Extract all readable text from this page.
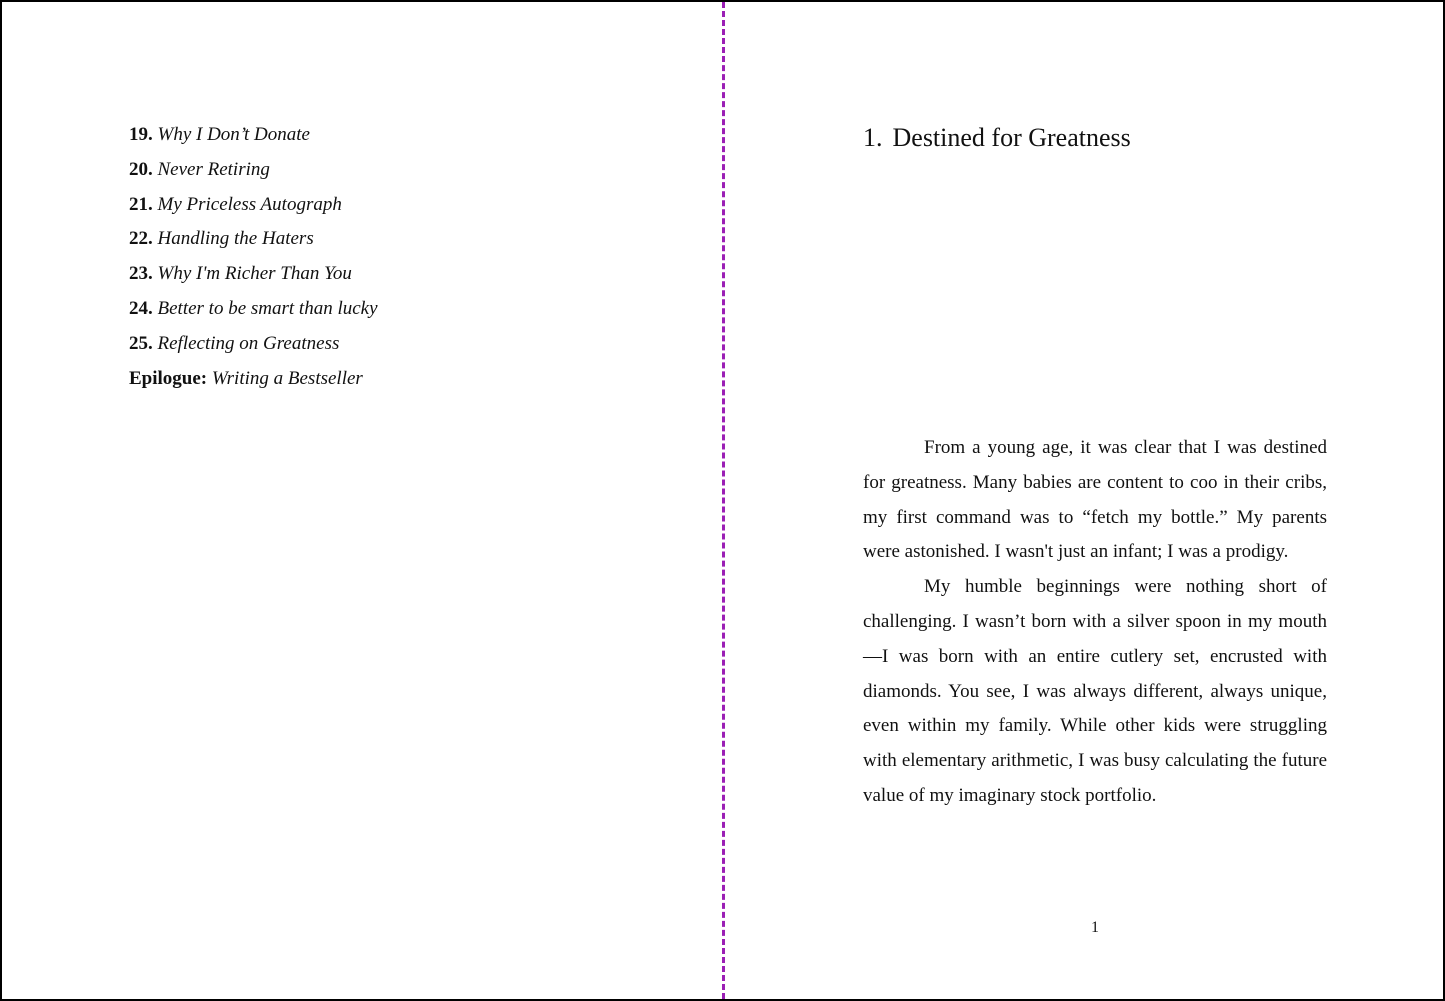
19. Why I Don’t Donate
20. Never Retiring
21. My Priceless Autograph
22. Handling the Haters
23. Why I'm Richer Than You
24. Better to be smart than lucky
25. Reflecting on Greatness
Epilogue: Writing a Bestseller
1. Destined for Greatness

From a young age, it was clear that I was destined for greatness. Many babies are content to coo in their cribs, my first command was to “fetch my bottle.” My parents were astonished. I wasn't just an infant; I was a prodigy.

My humble beginnings were nothing short of challenging. I wasn’t born with a silver spoon in my mouth—I was born with an entire cutlery set, encrusted with diamonds. You see, I was always different, always unique, even within my family. While other kids were struggling with elementary arithmetic, I was busy calculating the future value of my imaginary stock portfolio.

1
